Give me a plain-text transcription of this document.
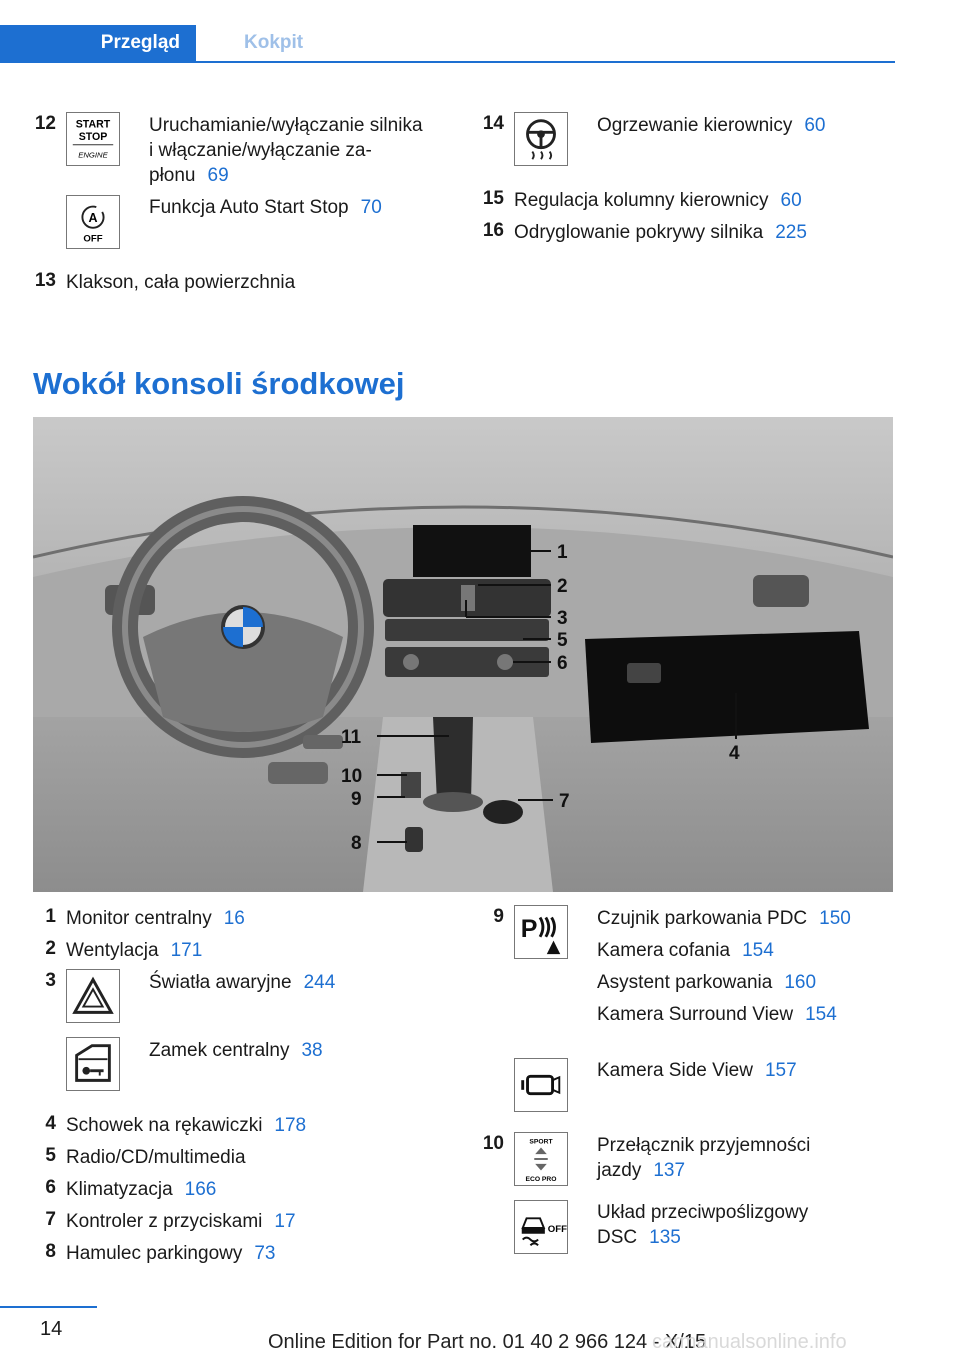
Przegląd	Kokpit
12 START
STOP
ENGINE
Uruchamianie/wyłączanie silnika
i włączanie/wyłączanie za-
płonu 69
A
OFF
Funkcja Auto Start Stop 70
13 Klakson, cała powierzchnia
14	Ogrzewanie kierownicy 60
15 Regulacja kolumny kierownicy 60
16 Odryglowanie pokrywy silnika 225
Wokół konsoli środkowej
1
2
3
5
6
4
11
10
9	7
8
1 Monitor centralny 16
2 Wentylacja 171
3	Światła awaryjne 244
Zamek centralny 38
4 Schowek na rękawiczki 178
5 Radio/CD/multimedia
6 Klimatyzacja 166
7 Kontroler z przyciskami 17
8 Hamulec parkingowy 73
9 P	Czujnik parkowania PDC 150
Kamera cofania 154
Asystent parkowania 160
Kamera Surround View 154
Kamera Side View 157
10	SPORT
ECO PRO
Przełącznik przyjemności
jazdy 137
OFF
Układ przeciwpoślizgowy
DSC 135
14
Online Edition for Part no. 01 40 2 966 124 - X/15
carmanualsonline.info
